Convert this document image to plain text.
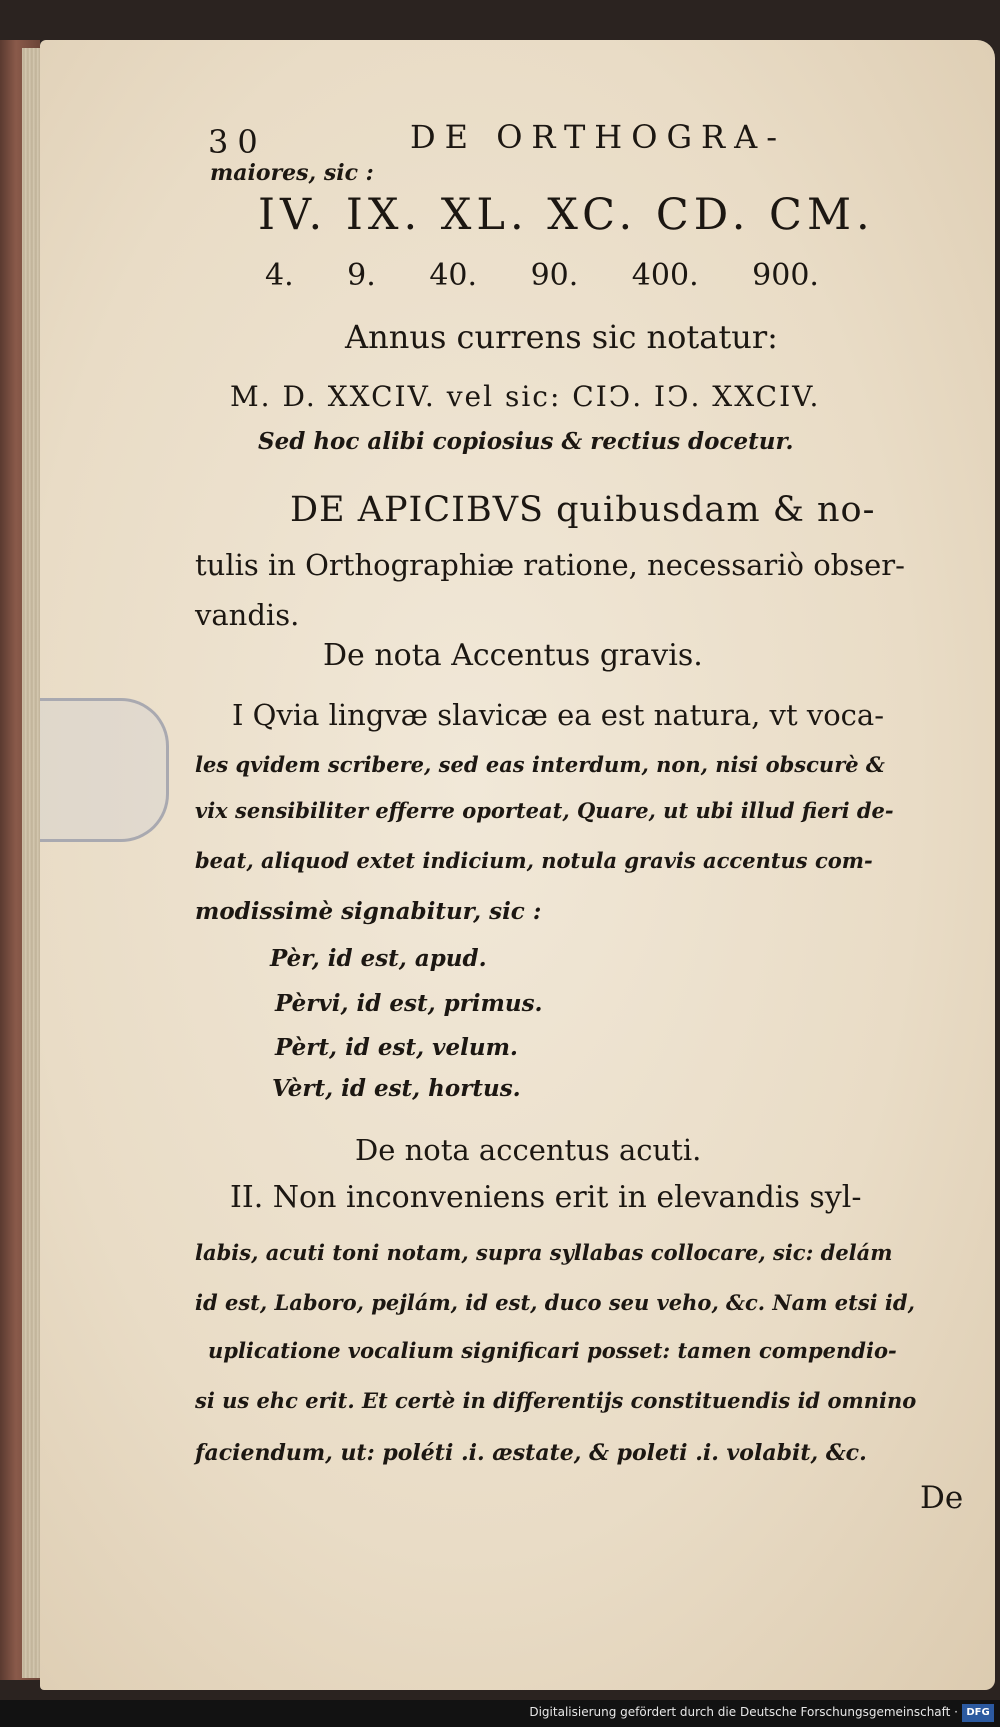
30	DE ORTHOGRA-
maiores, sic :
IV. IX. XL. XC. CD. CM.
4. 9. 40. 90. 400. 900.
Annus currens sic notatur:
M. D. XXCIV. vel sic: CIↃ. IↃ. XXCIV.
Sed hoc alibi copiosius & rectius docetur.
DE APICIBVS quibusdam & no-
tulis in Orthographiæ ratione, necessariò obser-
vandis.
De nota Accentus gravis.
I Qvia lingvæ slavicæ ea est natura, vt voca-
les qvidem scribere, sed eas interdum, non, nisi obscurè &
vix sensibiliter efferre oporteat, Quare, ut ubi illud fieri de-
beat, aliquod extet indicium, notula gravis accentus com-
modissimè signabitur, sic :
Pèr, id est, apud.
Pèrvi, id est, primus.
Pèrt, id est, velum.
Vèrt, id est, hortus.
De nota accentus acuti.
II. Non inconveniens erit in elevandis syl-
labis, acuti toni notam, supra syllabas collocare, sic: delám
id est, Laboro, pejlám, id est, duco seu veho, &c. Nam etsi id,
uplicatione vocalium significari posset: tamen compendio-
si us ehc erit. Et certè in differentijs constituendis id omnino
faciendum, ut: poléti .i. æstate, & poleti .i. volabit, &c.
De
Digitalisierung gefördert durch die Deutsche Forschungsgemeinschaft · DFG
